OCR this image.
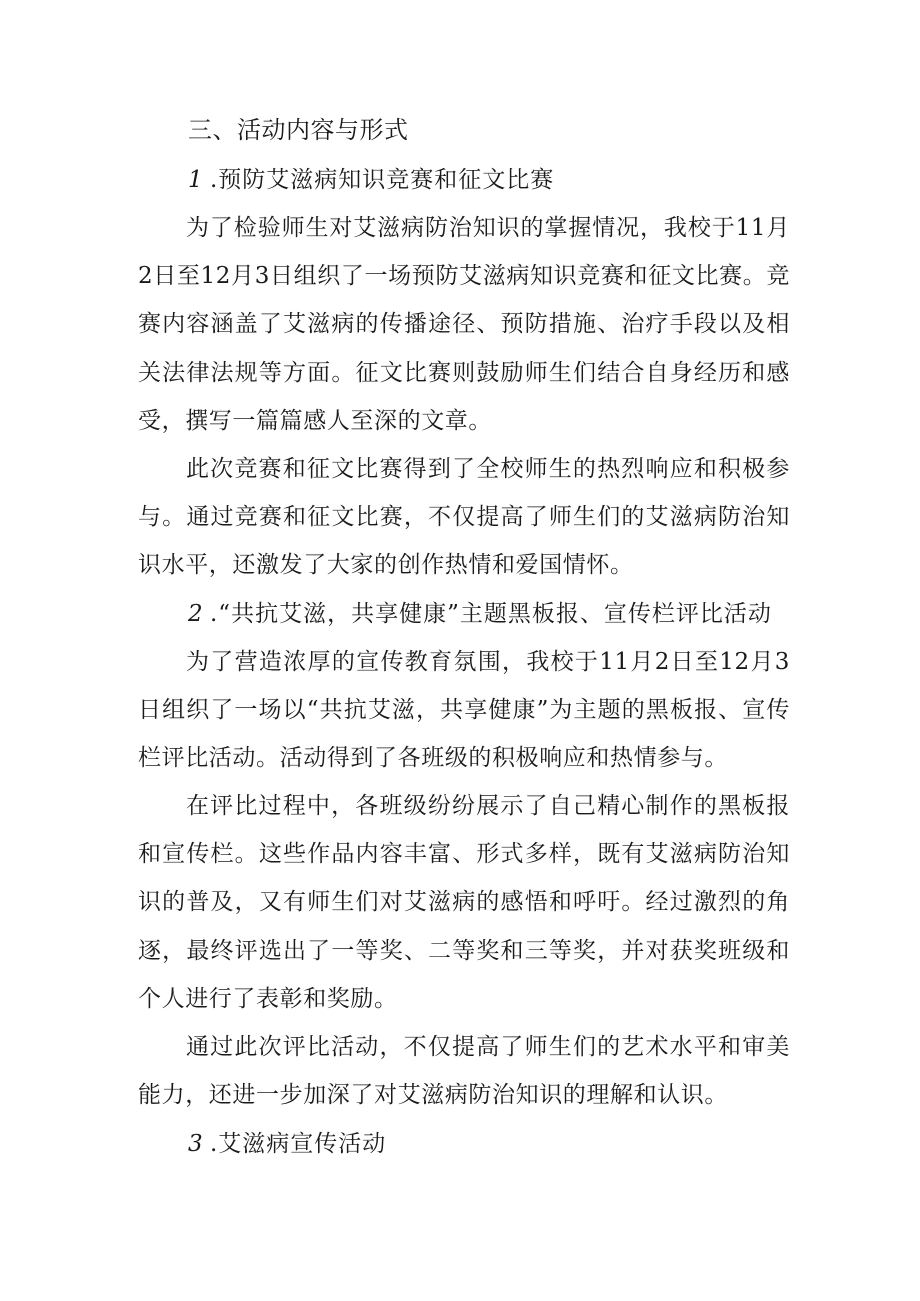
三、活动内容与形式
1 .预防艾滋病知识竞赛和征文比赛

为了检验师生对艾滋病防治知识的掌握情况，我校于11月2日至12月3日组织了一场预防艾滋病知识竞赛和征文比赛。竞赛内容涵盖了艾滋病的传播途径、预防措施、治疗手段以及相关法律法规等方面。征文比赛则鼓励师生们结合自身经历和感受，撰写一篇篇感人至深的文章。

此次竞赛和征文比赛得到了全校师生的热烈响应和积极参与。通过竞赛和征文比赛，不仅提高了师生们的艾滋病防治知识水平，还激发了大家的创作热情和爱国情怀。

2 .“共抗艾滋，共享健康”主题黑板报、宣传栏评比活动

为了营造浓厚的宣传教育氛围，我校于11月2日至12月3日组织了一场以“共抗艾滋，共享健康”为主题的黑板报、宣传栏评比活动。活动得到了各班级的积极响应和热情参与。

在评比过程中，各班级纷纷展示了自己精心制作的黑板报和宣传栏。这些作品内容丰富、形式多样，既有艾滋病防治知识的普及，又有师生们对艾滋病的感悟和呼吁。经过激烈的角逐，最终评选出了一等奖、二等奖和三等奖，并对获奖班级和个人进行了表彰和奖励。

通过此次评比活动，不仅提高了师生们的艺术水平和审美能力，还进一步加深了对艾滋病防治知识的理解和认识。

3 .艾滋病宣传活动
